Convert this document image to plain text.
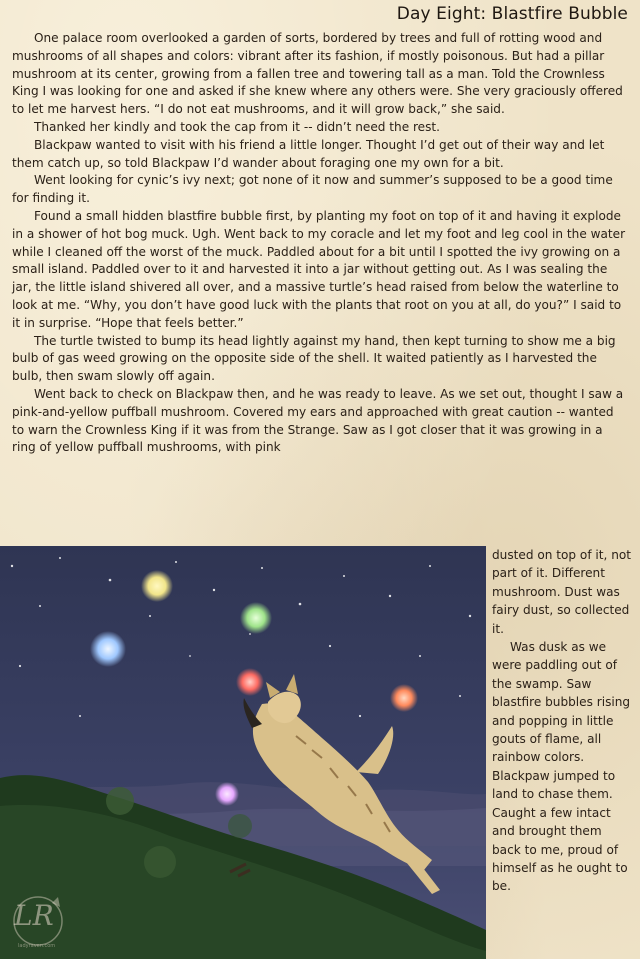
Day Eight: Blastfire Bubble

One palace room overlooked a garden of sorts, bordered by trees and full of rotting wood and mushrooms of all shapes and colors: vibrant after its fashion, if mostly poisonous. But had a pillar mushroom at its center, growing from a fallen tree and towering tall as a man. Told the Crownless King I was looking for one and asked if she knew where any others were. She very graciously offered to let me harvest hers. “I do not eat mushrooms, and it will grow back,” she said.

Thanked her kindly and took the cap from it -- didn’t need the rest.

Blackpaw wanted to visit with his friend a little longer. Thought I’d get out of their way and let them catch up, so told Blackpaw I’d wander about foraging one my own for a bit.

Went looking for cynic’s ivy next; got none of it now and summer’s supposed to be a good time for finding it.

Found a small hidden blastfire bubble first, by planting my foot on top of it and having it explode in a shower of hot bog muck. Ugh. Went back to my coracle and let my foot and leg cool in the water while I cleaned off the worst of the muck. Paddled about for a bit until I spotted the ivy growing on a small island. Paddled over to it and harvested it into a jar without getting out. As I was sealing the jar, the little island shivered all over, and a massive turtle’s head raised from below the waterline to look at me. “Why, you don’t have good luck with the plants that root on you at all, do you?” I said to it in surprise. “Hope that feels better.”

The turtle twisted to bump its head lightly against my hand, then kept turning to show me a big bulb of gas weed growing on the opposite side of the shell. It waited patiently as I harvested the bulb, then swam slowly off again.

Went back to check on Blackpaw then, and he was ready to leave. As we set out, thought I saw a pink-and-yellow puffball mushroom. Covered my ears and approached with great caution -- wanted to warn the Crownless King if it was from the Strange. Saw as I got closer that it was growing in a ring of yellow puffball mushrooms, with pink

dusted on top of it, not part of it. Different mushroom. Dust was fairy dust, so collected it.

Was dusk as we were paddling out of the swamp. Saw blastfire bubbles rising and popping in little gouts of flame, all rainbow colors. Blackpaw jumped to land to chase them. Caught a few intact and brought them back to me, proud of himself as he ought to be.

LR
ladyraven.com
